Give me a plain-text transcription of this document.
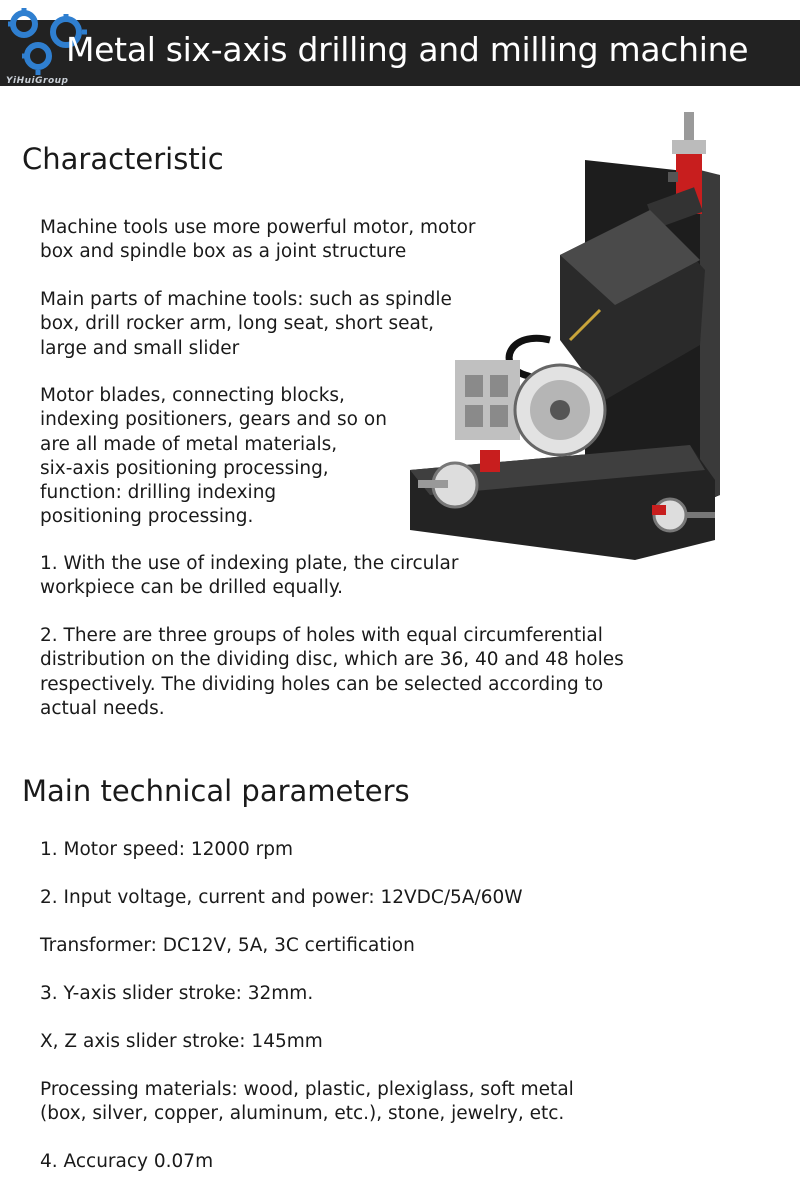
YiHuiGroup
Metal six-axis drilling and milling machine
Characteristic
Machine tools use more powerful motor, motor
box and spindle box as a joint structure
Main parts of machine tools: such as spindle
box, drill rocker arm, long seat, short seat,
large and small slider
Motor blades, connecting blocks,
indexing positioners, gears and so on
are all made of metal materials,
six-axis positioning processing,
function: drilling indexing
positioning processing.
1. With the use of indexing plate, the circular
workpiece can be drilled equally.
2. There are three groups of holes with equal circumferential
distribution on the dividing disc, which are 36, 40 and 48 holes
respectively. The dividing holes can be selected according to
actual needs.
Main technical parameters
1. Motor speed: 12000 rpm
2. Input voltage, current and power: 12VDC/5A/60W
Transformer: DC12V, 5A, 3C certification
3. Y-axis slider stroke: 32mm.
X, Z axis slider stroke: 145mm
Processing materials: wood, plastic, plexiglass, soft metal
(box, silver, copper, aluminum, etc.), stone, jewelry, etc.
4. Accuracy 0.07m
